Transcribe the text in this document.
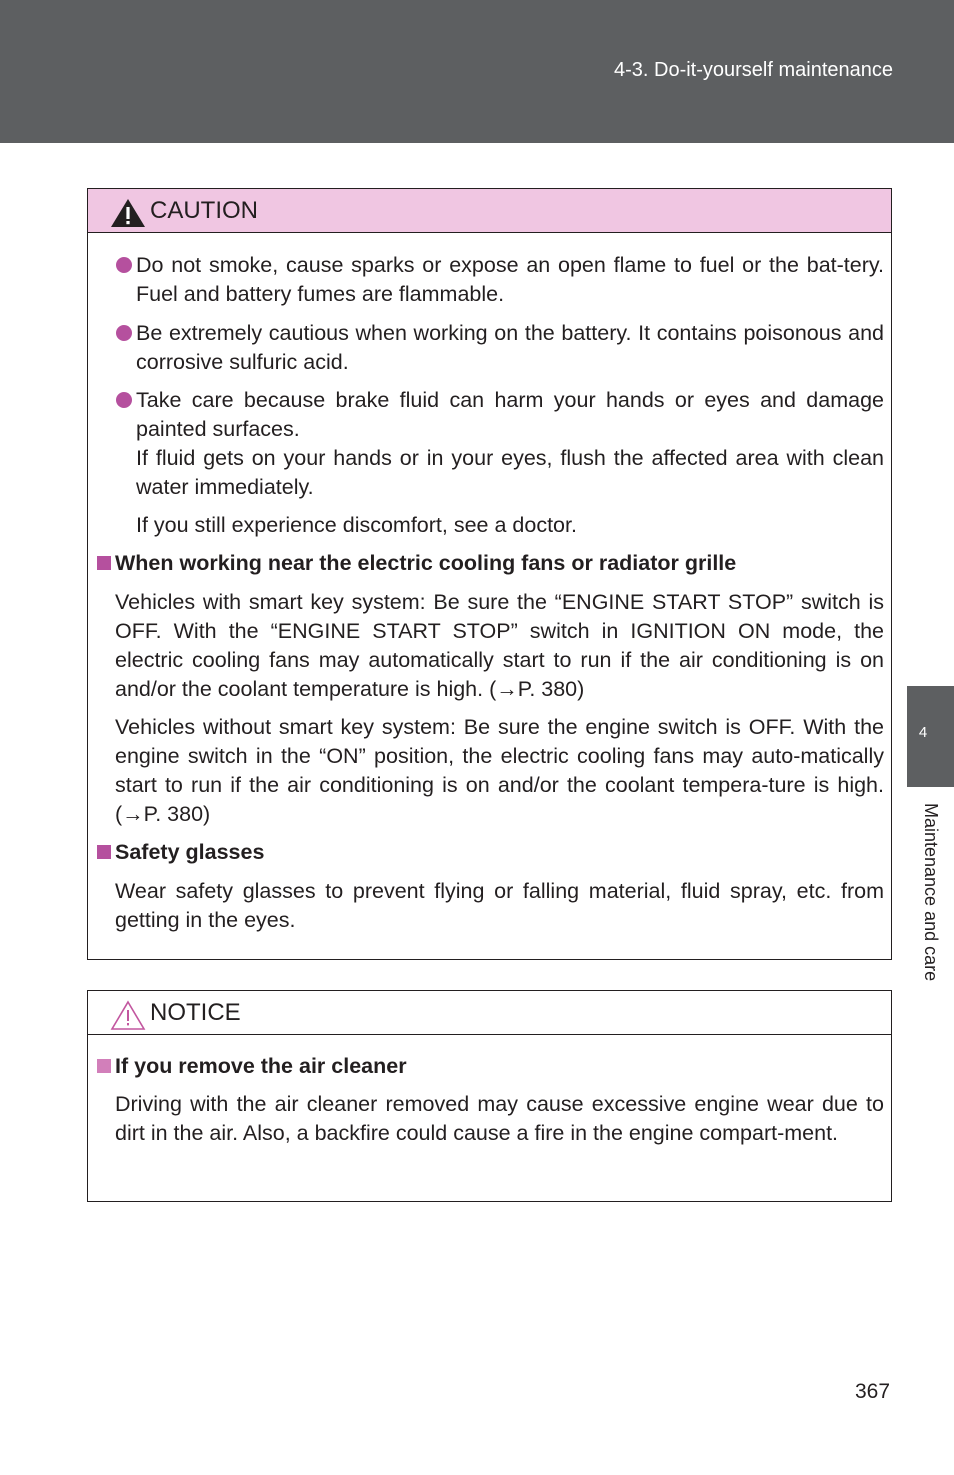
4-3. Do-it-yourself maintenance
4
Maintenance and care
CAUTION

Do not smoke, cause sparks or expose an open flame to fuel or the bat-tery. Fuel and battery fumes are flammable.

Be extremely cautious when working on the battery. It contains poisonous and corrosive sulfuric acid.

Take care because brake fluid can harm your hands or eyes and damage painted surfaces.

If fluid gets on your hands or in your eyes, flush the affected area with clean water immediately.

If you still experience discomfort, see a doctor.

When working near the electric cooling fans or radiator grille

Vehicles with smart key system: Be sure the “ENGINE START STOP” switch is OFF. With the “ENGINE START STOP” switch in IGNITION ON mode, the electric cooling fans may automatically start to run if the air conditioning is on and/or the coolant temperature is high. (→P. 380)

Vehicles without smart key system: Be sure the engine switch is OFF. With the engine switch in the “ON” position, the electric cooling fans may auto-matically start to run if the air conditioning is on and/or the coolant tempera-ture is high. (→P. 380)

Safety glasses

Wear safety glasses to prevent flying or falling material, fluid spray, etc. from getting in the eyes.

NOTICE

If you remove the air cleaner

Driving with the air cleaner removed may cause excessive engine wear due to dirt in the air. Also, a backfire could cause a fire in the engine compart-ment.

367
